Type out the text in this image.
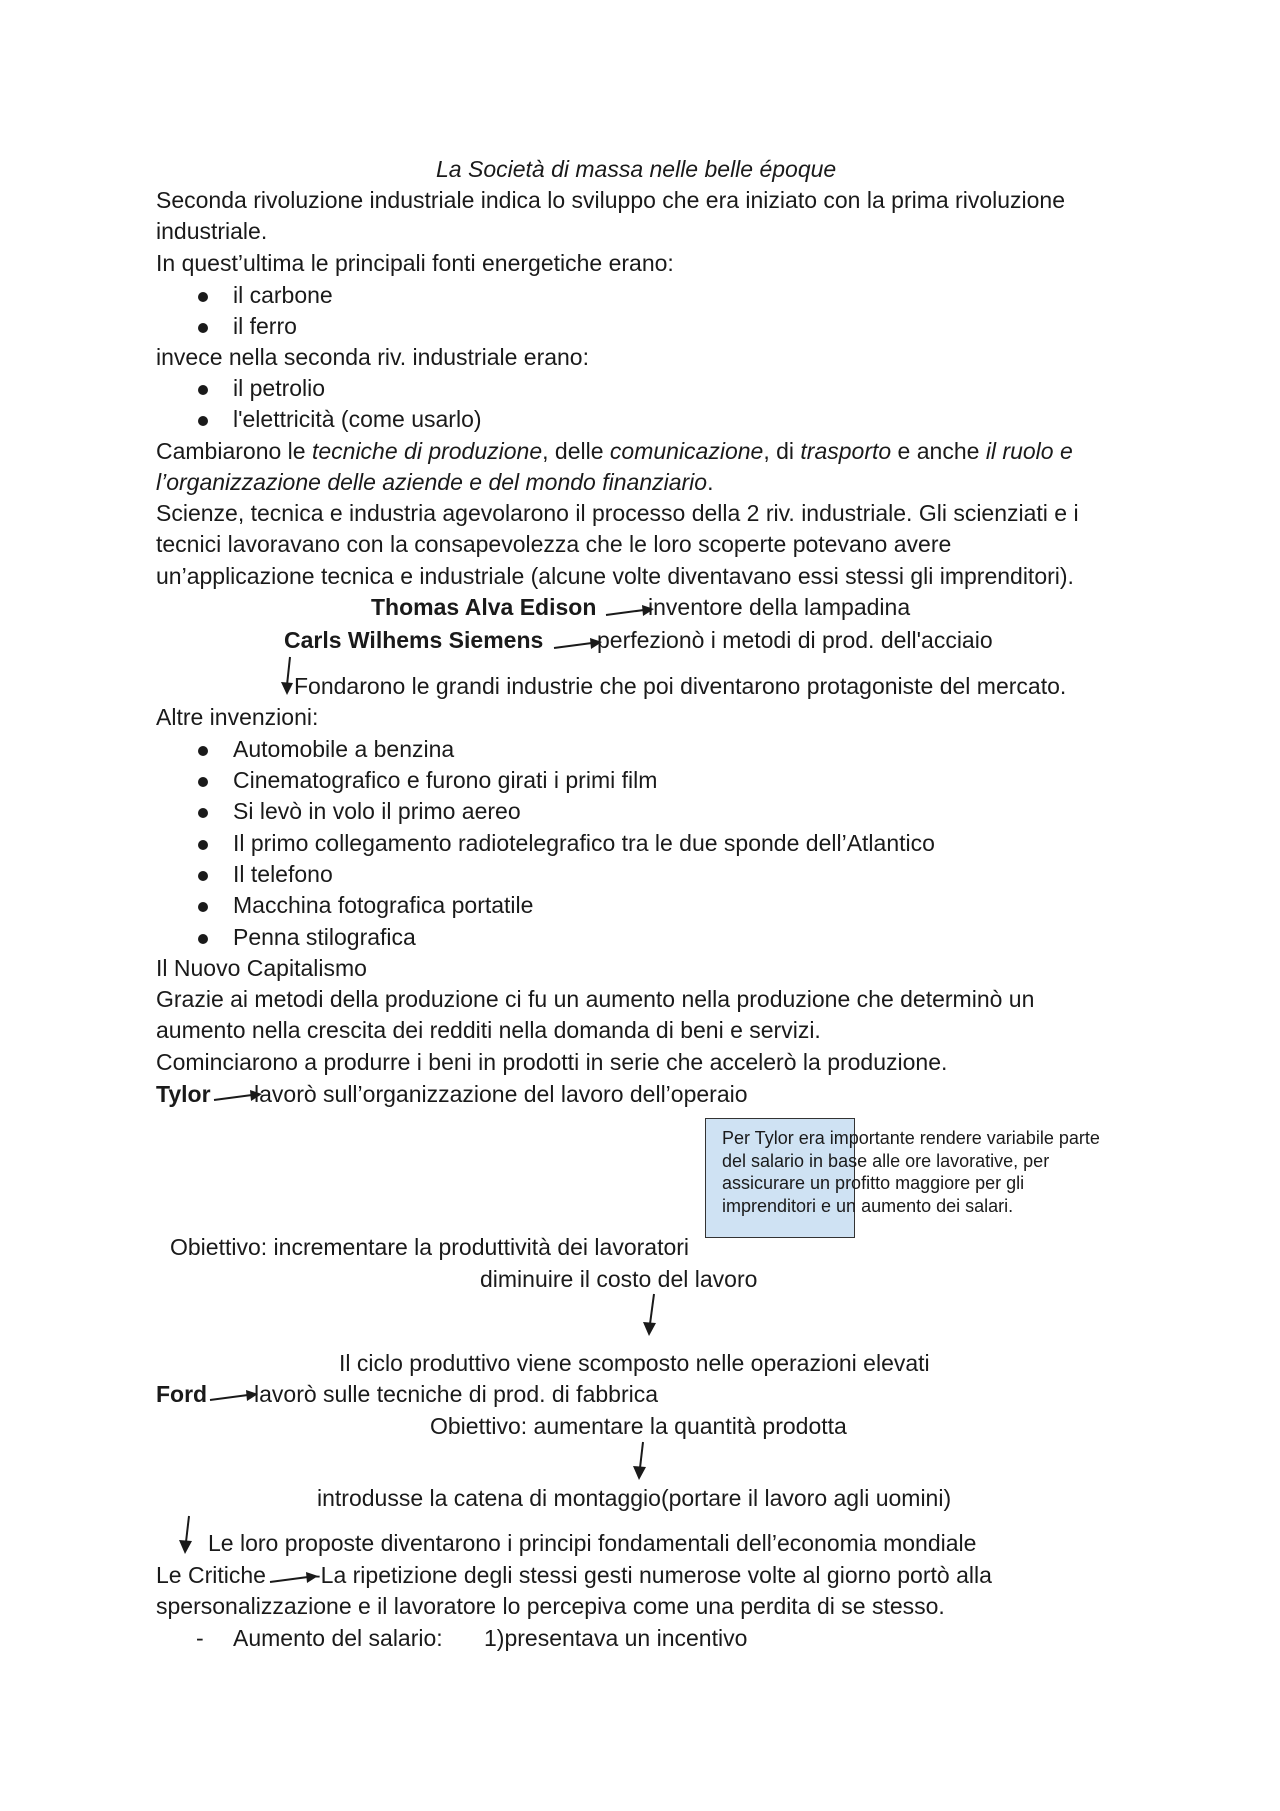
La Società di massa nelle belle époque
Seconda rivoluzione industriale indica lo sviluppo che era iniziato con la prima rivoluzione
industriale.
In quest’ultima le principali fonti energetiche erano:
il carbone
il ferro
invece nella seconda riv. industriale erano:
il petrolio
l'elettricità (come usarlo)
Cambiarono le tecniche di produzione, delle comunicazione, di trasporto e anche il ruolo e
l’organizzazione delle aziende e del mondo finanziario.
Scienze, tecnica e industria agevolarono il processo della 2 riv. industriale. Gli scienziati e i
tecnici lavoravano con la consapevolezza che le loro scoperte potevano avere
un’applicazione tecnica e industriale (alcune volte diventavano essi stessi gli imprenditori).
Thomas Alva Edison inventore della lampadina
Carls Wilhems Siemens perfezionò i metodi di prod. dell'acciaio
Fondarono le grandi industrie che poi diventarono protagoniste del mercato.
Altre invenzioni:
Automobile a benzina
Cinematografico e furono girati i primi film
Si levò in volo il primo aereo
Il primo collegamento radiotelegrafico tra le due sponde dell’Atlantico
Il telefono
Macchina fotografica portatile
Penna stilografica
Il Nuovo Capitalismo
Grazie ai metodi della produzione ci fu un aumento nella produzione che determinò un
aumento nella crescita dei redditi nella domanda di beni e servizi.
Cominciarono a produrre i beni in prodotti in serie che accelerò la produzione.
Tylor lavorò sull’organizzazione del lavoro dell’operaio
Per Tylor era importante rendere variabile parte del salario in base alle ore lavorative, per assicurare un profitto maggiore per gli imprenditori e un aumento dei salari.
Obiettivo: incrementare la produttività dei lavoratori
diminuire il costo del lavoro
Il ciclo produttivo viene scomposto nelle operazioni elevati
Ford lavorò sulle tecniche di prod. di fabbrica
Obiettivo: aumentare la quantità prodotta
introdusse la catena di montaggio(portare il lavoro agli uomini)
Le loro proposte diventarono i principi fondamentali dell’economia mondiale
Le Critiche -La ripetizione degli stessi gesti numerose volte al giorno portò alla
spersonalizzazione e il lavoratore lo percepiva come una perdita di se stesso.
- Aumento del salario: 1)presentava un incentivo
